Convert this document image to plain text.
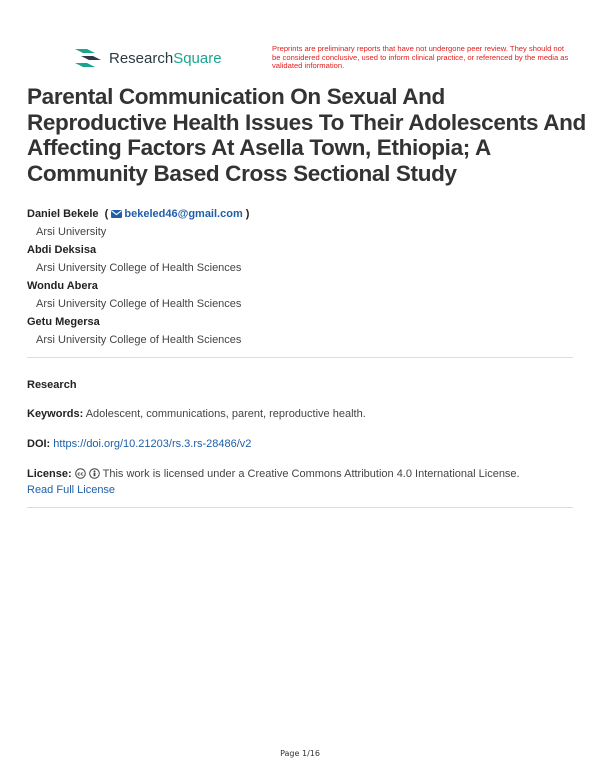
ResearchSquare
Preprints are preliminary reports that have not undergone peer review. They should not be considered conclusive, used to inform clinical practice, or referenced by the media as validated information.
Parental Communication On Sexual And Reproductive Health Issues To Their Adolescents And Affecting Factors At Asella Town, Ethiopia; A Community Based Cross Sectional Study
Daniel Bekele  ( bekeled46@gmail.com )
Arsi University
Abdi Deksisa
Arsi University College of Health Sciences
Wondu Abera
Arsi University College of Health Sciences
Getu Megersa
Arsi University College of Health Sciences
Research
Keywords: Adolescent, communications, parent, reproductive health.
DOI: https://doi.org/10.21203/rs.3.rs-28486/v2
License: cc This work is licensed under a Creative Commons Attribution 4.0 International License.
Read Full License
Page 1/16
